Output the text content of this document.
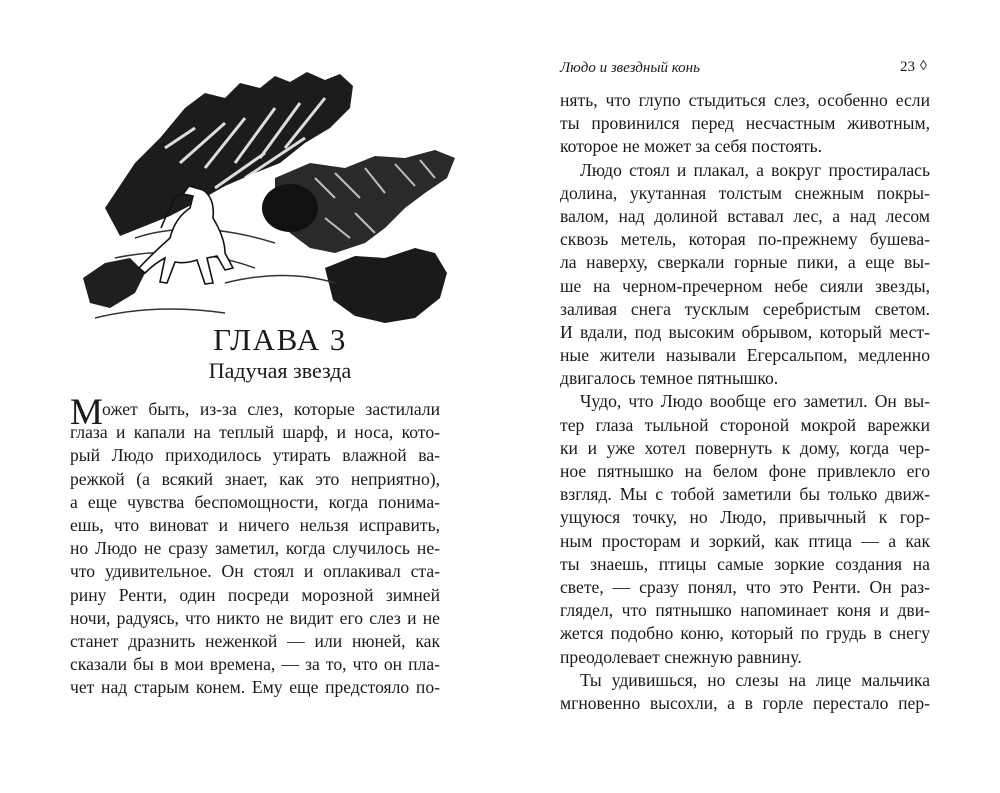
ГЛАВА 3
Падучая звезда
М ожет быть, из-за слез, которые застилали
глаза и капали на теплый шарф, и носа, кото-
рый Людо приходилось утирать влажной ва-
режкой (а всякий знает, как это неприятно),
а еще чувства беспомощности, когда понима-
ешь, что виноват и ничего нельзя исправить,
но Людо не сразу заметил, когда случилось не-
что удивительное. Он стоял и оплакивал ста-
рину Ренти, один посреди морозной зимней
ночи, радуясь, что никто не видит его слез и не
станет дразнить неженкой — или нюней, как
сказали бы в мои времена, — за то, что он пла-
чет над старым конем. Ему еще предстояло по-
Людо и звездный конь	23 ◊
нять, что глупо стыдиться слез, особенно если
ты провинился перед несчастным животным,
которое не может за себя постоять.
Людо стоял и плакал, а вокруг простиралась
долина, укутанная толстым снежным покры-
валом, над долиной вставал лес, а над лесом
сквозь метель, которая по-прежнему бушева-
ла наверху, сверкали горные пики, а еще вы-
ше на черном-пречерном небе сияли звезды,
заливая снега тусклым серебристым светом.
И вдали, под высоким обрывом, который мест-
ные жители называли Егерсальпом, медленно
двигалось темное пятнышко.
Чудо, что Людо вообще его заметил. Он вы-
тер глаза тыльной стороной мокрой варежки
ки и уже хотел повернуть к дому, когда чер-
ное пятнышко на белом фоне привлекло его
взгляд. Мы с тобой заметили бы только движ-
ущуюся точку, но Людо, привычный к гор-
ным просторам и зоркий, как птица — а как
ты знаешь, птицы самые зоркие создания на
свете, — сразу понял, что это Ренти. Он раз-
глядел, что пятнышко напоминает коня и дви-
жется подобно коню, который по грудь в снегу
преодолевает снежную равнину.
Ты удивишься, но слезы на лице мальчика
мгновенно высохли, а в горле перестало пер-
